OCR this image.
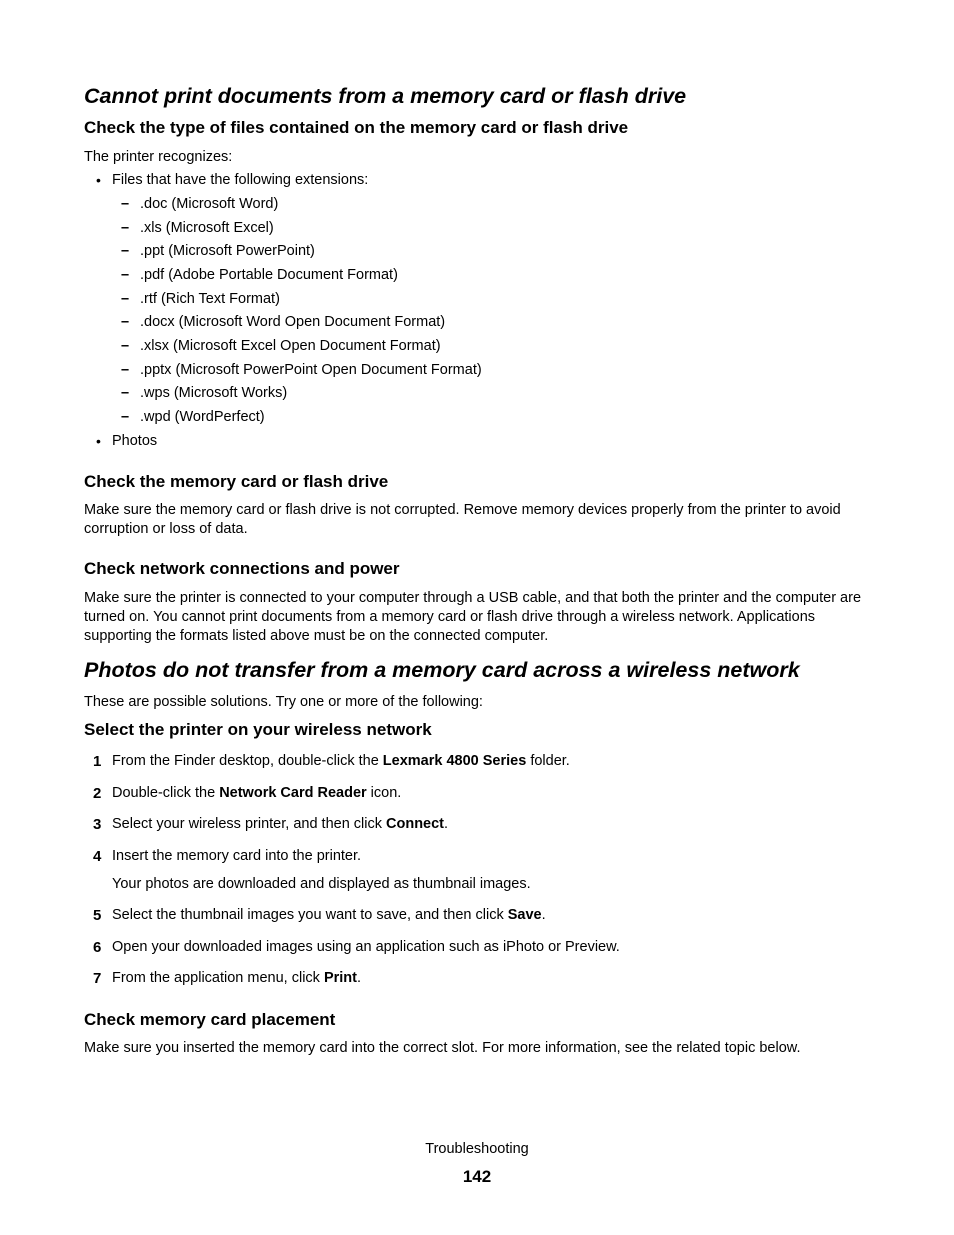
Cannot print documents from a memory card or flash drive
Check the type of files contained on the memory card or flash drive

The printer recognizes:

• Files that have the following extensions:
– .doc (Microsoft Word)
– .xls (Microsoft Excel)
– .ppt (Microsoft PowerPoint)
– .pdf (Adobe Portable Document Format)
– .rtf (Rich Text Format)
– .docx (Microsoft Word Open Document Format)
– .xlsx (Microsoft Excel Open Document Format)
– .pptx (Microsoft PowerPoint Open Document Format)
– .wps (Microsoft Works)
– .wpd (WordPerfect)
• Photos
Check the memory card or flash drive

Make sure the memory card or flash drive is not corrupted. Remove memory devices properly from the printer to avoid corruption or loss of data.

Check network connections and power

Make sure the printer is connected to your computer through a USB cable, and that both the printer and the computer are turned on. You cannot print documents from a memory card or flash drive through a wireless network. Applications supporting the formats listed above must be on the connected computer.

Photos do not transfer from a memory card across a wireless network

These are possible solutions. Try one or more of the following:

Select the printer on your wireless network
1 From the Finder desktop, double-click the Lexmark 4800 Series folder.
2 Double-click the Network Card Reader icon.
3 Select your wireless printer, and then click Connect.
4 Insert the memory card into the printer.
Your photos are downloaded and displayed as thumbnail images.
5 Select the thumbnail images you want to save, and then click Save.
6 Open your downloaded images using an application such as iPhoto or Preview.
7 From the application menu, click Print.
Check memory card placement

Make sure you inserted the memory card into the correct slot. For more information, see the related topic below.

Troubleshooting
142
